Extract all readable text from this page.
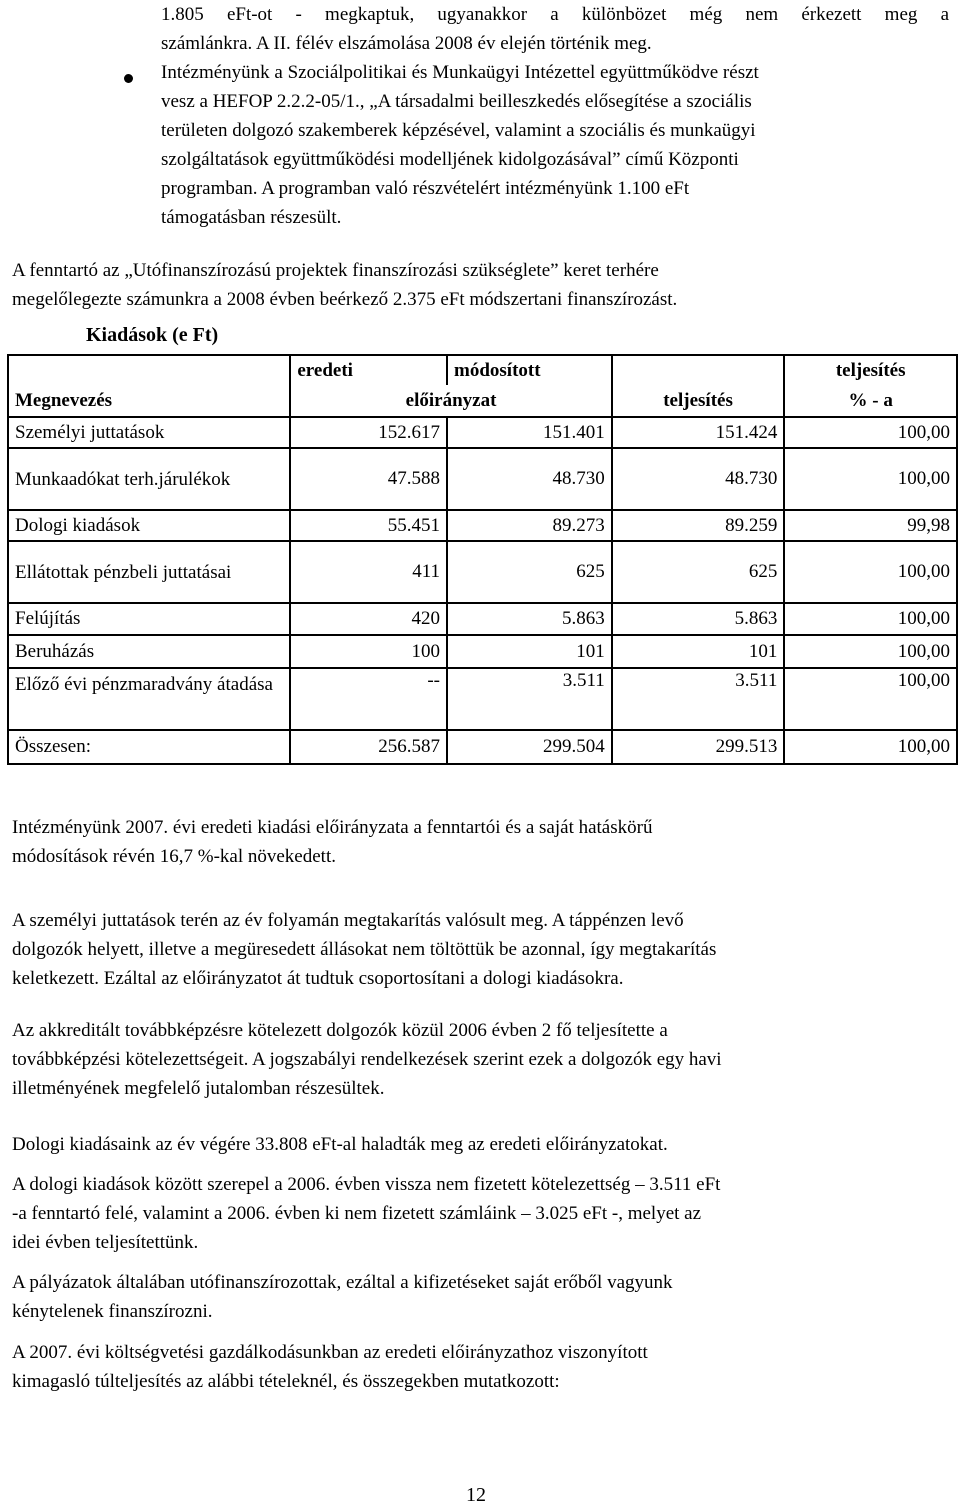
1.805 eFt-ot - megkaptuk, ugyanakkor a különbözet még nem érkezett meg a
számlánkra. A II. félév elszámolása 2008 év elején történik meg.
Intézményünk a Szociálpolitikai és Munkaügyi Intézettel együttműködve részt
vesz a HEFOP 2.2.2-05/1., „A társadalmi beilleszkedés elősegítése a szociális
területen dolgozó szakemberek képzésével, valamint a szociális és munkaügyi
szolgáltatások együttműködési modelljének kidolgozásával” című Központi
programban. A programban való részvételért intézményünk 1.100 eFt
támogatásban részesült.
A fenntartó az „Utófinanszírozású projektek finanszírozási szükséglete” keret terhére
megelőlegezte számunkra a 2008 évben beérkező 2.375 eFt módszertani finanszírozást.
Kiadások (e Ft)
Megnevezés	eredeti	módosított	teljesítés	teljesítés
	előirányzat			% - a
Személyi juttatások	152.617	151.401	151.424	100,00
Munkaadókat terh.járulékok	47.588	48.730	48.730	100,00
Dologi kiadások	55.451	89.273	89.259	99,98
Ellátottak pénzbeli juttatásai	411	625	625	100,00
Felújítás	420	5.863	5.863	100,00
Beruházás	100	101	101	100,00
Előző évi pénzmaradvány átadása	--	3.511	3.511	100,00
Összesen:	256.587	299.504	299.513	100,00
Intézményünk 2007. évi eredeti kiadási előirányzata a fenntartói és a saját hatáskörű
módosítások révén 16,7 %-kal növekedett.
A személyi juttatások terén az év folyamán megtakarítás valósult meg. A táppénzen levő
dolgozók helyett, illetve a megüresedett állásokat nem töltöttük be azonnal, így megtakarítás
keletkezett. Ezáltal az előirányzatot át tudtuk csoportosítani a dologi kiadásokra.
Az akkreditált továbbképzésre kötelezett dolgozók közül 2006 évben 2 fő teljesítette a
továbbképzési kötelezettségeit. A jogszabályi rendelkezések szerint ezek a dolgozók egy havi
illetményének megfelelő jutalomban részesültek.
Dologi kiadásaink az év végére 33.808 eFt-al haladták meg az eredeti előirányzatokat.
A dologi kiadások között szerepel a 2006. évben vissza nem fizetett kötelezettség – 3.511 eFt
-a fenntartó felé, valamint a 2006. évben ki nem fizetett számláink – 3.025 eFt -, melyet az
idei évben teljesítettünk.
A pályázatok általában utófinanszírozottak, ezáltal a kifizetéseket saját erőből vagyunk
kénytelenek finanszírozni.
A 2007. évi költségvetési gazdálkodásunkban az eredeti előirányzathoz viszonyított
kimagasló túlteljesítés az alábbi tételeknél, és összegekben mutatkozott:
12
